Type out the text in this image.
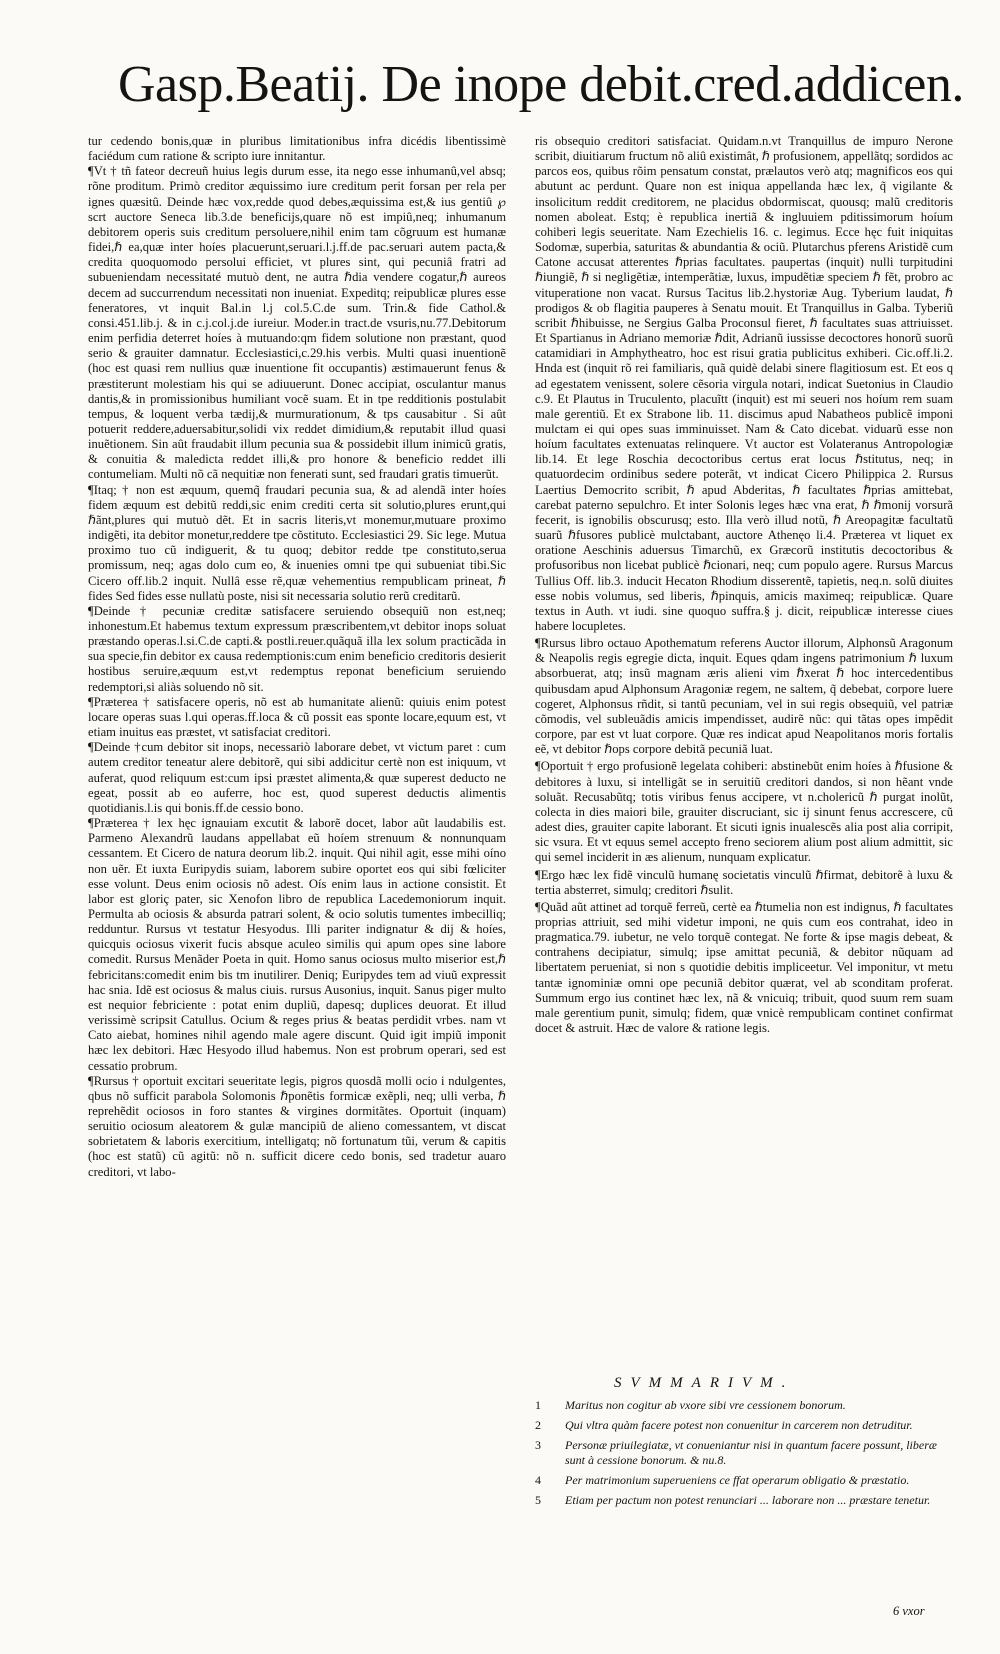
Gasp.Beatij. De inope debit.cred.addicen.

tur cedendo bonis,quæ in pluribus limitationibus infra dicédis libentissimè faciédum cum ratione & scripto iure innitantur.

¶Vt † tñ fateor decreuñ huius legis durum esse, ita nego esse inhumanû,vel absq; rõne proditum. Primò creditor æquissimo iure creditum perit forsan per rela per ignes quæsitû. Deinde hæc vox,redde quod debes,æquissima est,& ius gentiû ℘ scrt auctore Seneca lib.3.de beneficijs,quare nõ est impiû,neq; inhumanum debitorem operis suis creditum persoluere,nihil enim tam cõgruum est humanæ fidei,ℏ ea,quæ inter hoíes placuerunt,seruari.l.j.ff.de pac.seruari autem pacta,& credita quoquomodo persolui efficiet, vt plures sint, qui pecuniâ fratri ad subueniendam necessitaté mutuò dent, ne autra ℏdia vendere cogatur,ℏ aureos decem ad succurrendum necessitati non inueniat. Expeditq; reipublicæ plures esse feneratores, vt inquit Bal.in l.j col.5.C.de sum. Trin.& fide Cathol.& consi.451.lib.j. & in c.j.col.j.de iureiur. Moder.in tract.de vsuris,nu.77.Debitorum enim perfidia deterret hoíes à mutuando:qm fidem solutione non præstant, quod serio & grauiter damnatur. Ecclesiastici,c.29.his verbis. Multi quasi inuentionẽ (hoc est quasi rem nullius quæ inuentione fit occupantis) æstimauerunt fenus & præstiterunt molestiam his qui se adiuuerunt. Donec accipiat, osculantur manus dantis,& in promissionibus humiliant vocẽ suam. Et in tpe redditionis postulabit tempus, & loquent verba tædij,& murmurationum, & tps causabitur . Si aût potuerit reddere,aduersabitur,solidi vix reddet dimidium,& reputabit illud quasi inuẽtionem. Sin aût fraudabit illum pecunia sua & possidebit illum inimicũ gratis, & conuitia & maledicta reddet illi,& pro honore & beneficio reddet illi contumeliam. Multi nõ cã nequitiæ non fenerati sunt, sed fraudari gratis timuerũt.

¶Itaq; † non est æquum, quemq̃ fraudari pecunia sua, & ad alendã inter hoíes fidem æquum est debitũ reddi,sic enim crediti certa sit solutio,plures erunt,qui ℏãnt,plures qui mutuò dẽt. Et in sacris literis,vt monemur,mutuare proximo indigẽti, ita debitor monetur,reddere tpe cõstituto. Ecclesiastici 29. Sic lege. Mutua proximo tuo cũ indiguerit, & tu quoq; debitor redde tpe constituto,serua promissum, neq; agas dolo cum eo, & inuenies omni tpe qui subueniat tibi.Sic Cicero off.lib.2 inquit. Nullâ esse rẽ,quæ vehementius rempublicam prineat, ℏ fides Sed fides esse nullatù poste, nisi sit necessaria solutio rerũ creditarũ.

¶Deinde † pecuniæ creditæ satisfacere seruiendo obsequiũ non est,neq; inhonestum.Et habemus textum expressum præscribentem,vt debitor inops soluat præstando operas.l.si.C.de capti.& postli.reuer.quãquã illa lex solum practicãda in sua specie,fin debitor ex causa redemptionis:cum enim beneficio creditoris desierit hostibus seruire,æquum est,vt redemptus reponat beneficium seruiendo redemptori,si aliàs soluendo nõ sit.

¶Præterea † satisfacere operis, nõ est ab humanitate alienũ: quiuis enim potest locare operas suas l.qui operas.ff.loca & cũ possit eas sponte locare,equum est, vt etiam inuitus eas præstet, vt satisfaciat creditori.

¶Deinde †cum debitor sit inops, necessariò laborare debet, vt victum paret : cum autem creditor teneatur alere debitorẽ, qui sibi addicitur certè non est iniquum, vt auferat, quod reliquum est:cum ipsi præstet alimenta,& quæ superest deducto ne egeat, possit ab eo auferre, hoc est, quod superest deductis alimentis quotidianis.l.is qui bonis.ff.de cessio bono.

¶Præterea † lex hęc ignauiam excutit & laborẽ docet, labor aũt laudabilis est. Parmeno Alexandrũ laudans appellabat eũ hoíem strenuum & nonnunquam cessantem. Et Cicero de natura deorum lib.2. inquit. Qui nihil agit, esse mihi oíno non uẽr. Et iuxta Euripydis suiam, laborem subire oportet eos qui sibi fœliciter esse volunt. Deus enim ociosis nõ adest. Oís enim laus in actione consistit. Et labor est gloriç pater, sic Xenofon libro de republica Lacedemoniorum inquit. Permulta ab ociosis & absurda patrari solent, & ocio solutis tumentes imbecilliq; redduntur. Rursus vt testatur Hesyodus. Illi pariter indignatur & dij & hoíes, quicquis ociosus vixerit fucis absque aculeo similis qui apum opes sine labore comedit. Rursus Menãder Poeta in quit. Homo sanus ociosus multo miserior est,ℏ febricitans:comedit enim bis tm inutilirer. Deniq; Euripydes tem ad viuũ expressit hac snia. Idẽ est ociosus & malus ciuis. rursus Ausonius, inquit. Sanus piger multo est nequior febriciente : potat enim dupliũ, dapesq; duplices deuorat. Et illud verissimè scripsit Catullus. Ocium & reges prius & beatas perdidit vrbes. nam vt Cato aiebat, homines nihil agendo male agere discunt. Quid igit impiũ imponit hæc lex debitori. Hæc Hesyodo illud habemus. Non est probrum operari, sed est cessatio probrum.

¶Rursus † oportuit excitari seueritate legis, pigros quosdã molli ocio i ndulgentes, qbus nõ sufficit parabola Solomonis ℏponẽtis formicæ exẽpli, neq; ulli verba, ℏ reprehẽdit ociosos in foro stantes & virgines dormitãtes. Oportuit (inquam) seruitio ociosum aleatorem & gulæ mancipiũ de alieno comessantem, vt discat sobrietatem & laboris exercitium, intelligatq; nõ fortunatum tũi, verum & capitis (hoc est statũ) cũ agitũ: nõ n. sufficit dicere cedo bonis, sed tradetur auaro creditori, vt labo-

ris obsequio creditori satisfaciat. Quidam.n.vt Tranquillus de impuro Nerone scribit, diuitiarum fructum nõ aliû existimât, ℏ profusionem, appellãtq; sordidos ac parcos eos, quibus rõim pensatum constat, prælautos verò atq; magnificos eos qui abutunt ac perdunt. Quare non est iniqua appellanda hæc lex, q̃ vigilante & insolicitum reddit creditorem, ne placidus obdormiscat, quousq; malũ creditoris nomen aboleat. Estq; è republica inertiã & ingluuiem pditissimorum hoíum cohiberi legis seueritate. Nam Ezechielis 16. c. legimus. Ecce hęc fuit iniquitas Sodomæ, superbia, saturitas & abundantia & ociũ. Plutarchus pferens Aristidẽ cum Catone accusat atterentes ℏprias facultates. paupertas (inquit) nulli turpitudini ℏiungiẽ, ℏ si negligẽtiæ, intemperãtiæ, luxus, impudẽtiæ speciem ℏ fẽt, probro ac vituperatione non vacat. Rursus Tacitus lib.2.hystoriæ Aug. Tyberium laudat, ℏ prodigos & ob flagitia pauperes à Senatu mouit. Et Tranquillus in Galba. Tyberiũ scribit ℏhibuisse, ne Sergius Galba Proconsul fieret, ℏ facultates suas attriuisset. Et Spartianus in Adriano memoriæ ℏdit, Adrianũ iussisse decoctores honorũ suorũ catamidiari in Amphytheatro, hoc est risui gratia publicitus exhiberi. Cic.off.li.2. Hnda est (inquit rõ rei familiaris, quã quidè delabi sinere flagitiosum est. Et eos q ad egestatem venissent, solere cẽsoria virgula notari, indicat Suetonius in Claudio c.9. Et Plautus in Truculento, placuĩtt (inquit) est mi seueri nos hoíum rem suam male gerentiũ. Et ex Strabone lib. 11. discimus apud Nabatheos publicẽ imponi mulctam ei qui opes suas imminuisset. Nam & Cato dicebat. viduarũ esse non hoíum facultates extenuatas relinquere. Vt auctor est Volateranus Antropologiæ lib.14. Et lege Roschia decoctoribus certus erat locus ℏstitutus, neq; in quatuordecim ordinibus sedere poterãt, vt indicat Cicero Philippica 2. Rursus Laertius Democrito scribit, ℏ apud Abderitas, ℏ facultates ℏprias amittebat, carebat paterno sepulchro. Et inter Solonis leges hæc vna erat, ℏ ℏmonij vorsurã fecerit, is ignobilis obscurusq; esto. Illa verò illud notũ, ℏ Areopagitæ facultatũ suarũ ℏfusores publicè mulctabant, auctore Athenęo li.4. Præterea vt liquet ex oratione Aeschinis aduersus Timarchũ, ex Græcorũ institutis decoctoribus & profusoribus non licebat publicè ℏcionari, neq; cum populo agere. Rursus Marcus Tullius Off. lib.3. inducit Hecaton Rhodium disserentẽ, tapietis, neq.n. solũ diuites esse nobis volumus, sed liberis, ℏpinquis, amicis maximeq; reipublicæ. Quare textus in Auth. vt iudi. sine quoquo suffra.§ j. dicit, reipublicæ interesse ciues habere locupletes.

¶Rursus libro octauo Apothematum referens Auctor illorum, Alphonsũ Aragonum & Neapolis regis egregie dicta, inquit. Eques qdam ingens patrimonium ℏ luxum absorbuerat, atq; insũ magnam æris alieni vim ℏxerat ℏ hoc intercedentibus quibusdam apud Alphonsum Aragoniæ regem, ne saltem, q̃ debebat, corpore luere cogeret, Alphonsus rñdit, si tantũ pecuniam, vel in sui regis obsequiũ, vel patriæ cõmodis, vel subleuãdis amicis impendisset, audirẽ nũc: qui tãtas opes impẽdit corpore, par est vt luat corpore. Quæ res indicat apud Neapolitanos moris fortalis eẽ, vt debitor ℏops corpore debitã pecuniã luat.

¶Oportuit † ergo profusionẽ legelata cohiberi: abstinebũt enim hoíes à ℏfusione & debitores à luxu, si intelligãt se in seruitiũ creditori dandos, si non hẽant vnde soluãt. Recusabũtq; totis viribus fenus accipere, vt n.cholericũ ℏ purgat inolũt, colecta in dies maiori bile, grauiter discruciant, sic ij sinunt fenus accrescere, cũ adest dies, grauiter capite laborant. Et sicuti ignis inualescẽs alia post alia corripit, sic vsura. Et vt equus semel accepto freno seciorem alium post alium admittit, sic qui semel inciderit in æs alienum, nunquam explicatur.

¶Ergo hæc lex fidẽ vinculũ humanę societatis vinculũ ℏfirmat, debitorẽ à luxu & tertia absterret, simulq; creditori ℏsulit.

¶Quãd aũt attinet ad torquẽ ferreũ, certè ea ℏtumelia non est indignus, ℏ facultates proprias attriuit, sed mihi videtur imponi, ne quis cum eos contrahat, ideo in pragmatica.79. iubetur, ne velo torquẽ contegat. Ne forte & ipse magis debeat, & contrahens decipiatur, simulq; ipse amittat pecuniã, & debitor nũquam ad libertatem perueniat, si non s quotidie debitis impliceetur. Vel imponitur, vt metu tantæ ignominiæ omni ope pecuniã debitor quærat, vel ab sconditam proferat. Summum ergo ius continet hæc lex, nã & vnicuiq; tribuit, quod suum rem suam male gerentium punit, simulq; fidem, quæ vnicè rempublicam continet confirmat docet & astruit. Hæc de valore & ratione legis.

SVMMARIVM.
1	Maritus non cogitur ab vxore sibi vre cessionem bonorum.
2	Qui vltra quàm facere potest non conuenitur in carcerem non detruditur.
3	Personæ priuilegiatæ, vt conueniantur nisi in quantum facere possunt, liberæ sunt à cessione bonorum. & nu.8.
4	Per matrimonium superueniens ce ffat operarum obligatio & præstatio.
5	Etiam per pactum non potest renunciari ... laborare non ... præstare tenetur.
6 vxor
